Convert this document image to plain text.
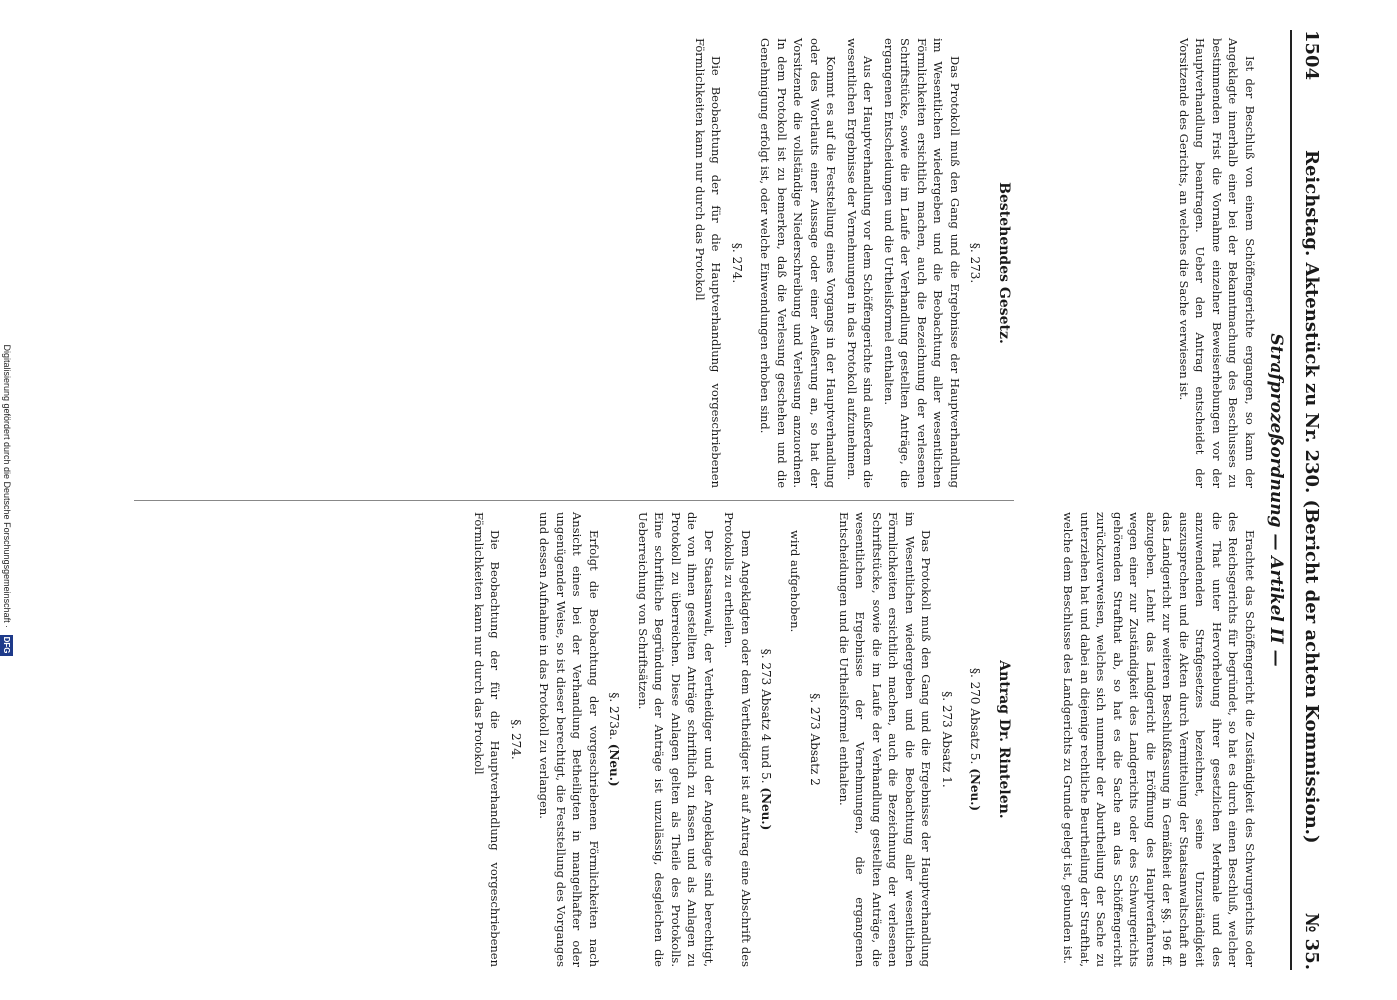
1504
Reichstag. Aktenstück zu Nr. 230. (Bericht der achten Kommission.)
№ 35.
Strafprozeßordnung — Artikel II —

Ist der Beschluß von einem Schöffengerichte ergangen, so kann der Angeklagte innerhalb einer bei der Bekanntmachung des Beschlusses zu bestimmenden Frist die Vornahme einzelner Beweiserhebungen vor der Hauptverhandlung beantragen. Ueber den Antrag entscheidet der Vorsitzende des Gerichts, an welches die Sache verwiesen ist.

Erachtet das Schöffengericht die Zuständigkeit des Schwurgerichts oder des Reichsgerichts für begründet, so hat es durch einen Beschluß, welcher die That unter Hervorhebung ihrer gesetzlichen Merkmale und des anzuwendenden Strafgesetzes bezeichnet, seine Unzuständigkeit auszusprechen und die Akten durch Vermittelung der Staatsanwaltschaft an das Landgericht zur weiteren Beschlußfassung in Gemäßheit der §§. 196 ff. abzugeben. Lehnt das Landgericht die Eröffnung des Hauptverfahrens wegen einer zur Zuständigkeit des Landgerichts oder des Schwurgerichts gehörenden Strafthat ab, so hat es die Sache an das Schöffengericht zurückzuverweisen, welches sich nunmehr der Aburtheilung der Sache zu unterziehen hat und dabei an diejenige rechtliche Beurtheilung der Strafthat, welche dem Beschlusse des Landgerichts zu Grunde gelegt ist, gebunden ist.

Bestehendes Gesetz.
§. 273.

Das Protokoll muß den Gang und die Ergebnisse der Hauptverhandlung im Wesentlichen wiedergeben und die Beobachtung aller wesentlichen Förmlichkeiten ersichtlich machen, auch die Bezeichnung der verlesenen Schriftstücke, sowie die im Laufe der Verhandlung gestellten Anträge, die ergangenen Entscheidungen und die Urtheilsformel enthalten.

Aus der Hauptverhandlung vor dem Schöffengerichte sind außerdem die wesentlichen Ergebnisse der Vernehmungen in das Protokoll aufzunehmen.

Kommt es auf die Feststellung eines Vorgangs in der Hauptverhandlung oder des Wortlauts einer Aussage oder einer Aeußerung an, so hat der Vorsitzende die vollständige Niederschreibung und Verlesung anzuordnen. In dem Protokoll ist zu bemerken, daß die Verlesung geschehen und die Genehmigung erfolgt ist, oder welche Einwendungen erhoben sind.

§. 274.

Die Beobachtung der für die Hauptverhandlung vorgeschriebenen Förmlichkeiten kann nur durch das Protokoll

Antrag Dr. Rintelen.
§. 270 Absatz 5. (Neu.)
§. 273 Absatz 1.

Das Protokoll muß den Gang und die Ergebnisse der Hauptverhandlung im Wesentlichen wiedergeben und die Beobachtung aller wesentlichen Förmlichkeiten ersichtlich machen, auch die Bezeichnung der verlesenen Schriftstücke, sowie die im Laufe der Verhandlung gestellten Anträge, die wesentlichen Ergebnisse der Vernehmungen, die ergangenen Entscheidungen und die Urtheilsformel enthalten.

§. 273 Absatz 2

wird aufgehoben.

§. 273 Absatz 4 und 5. (Neu.)

Dem Angeklagten oder dem Vertheidiger ist auf Antrag eine Abschrift des Protokolls zu ertheilen.

Der Staatsanwalt, der Vertheidiger und der Angeklagte sind berechtigt, die von ihnen gestellten Anträge schriftlich zu fassen und als Anlagen zu Protokoll zu überreichen. Diese Anlagen gelten als Theile des Protokolls. Eine schriftliche Begründung der Anträge ist unzulässig, desgleichen die Ueberreichung von Schriftsätzen.

§. 273a. (Neu.)

Erfolgt die Beobachtung der vorgeschriebenen Förmlichkeiten nach Ansicht eines bei der Verhandlung Betheiligten in mangelhafter oder ungenügender Weise, so ist dieser berechtigt, die Feststellung des Vorganges und dessen Aufnahme in das Protokoll zu verlangen.

§. 274.

Die Beobachtung der für die Hauptverhandlung vorgeschriebenen Förmlichkeiten kann nur durch das Protokoll

Digitalisierung gefördert durch die Deutsche Forschungsgemeinschaft · DFG
